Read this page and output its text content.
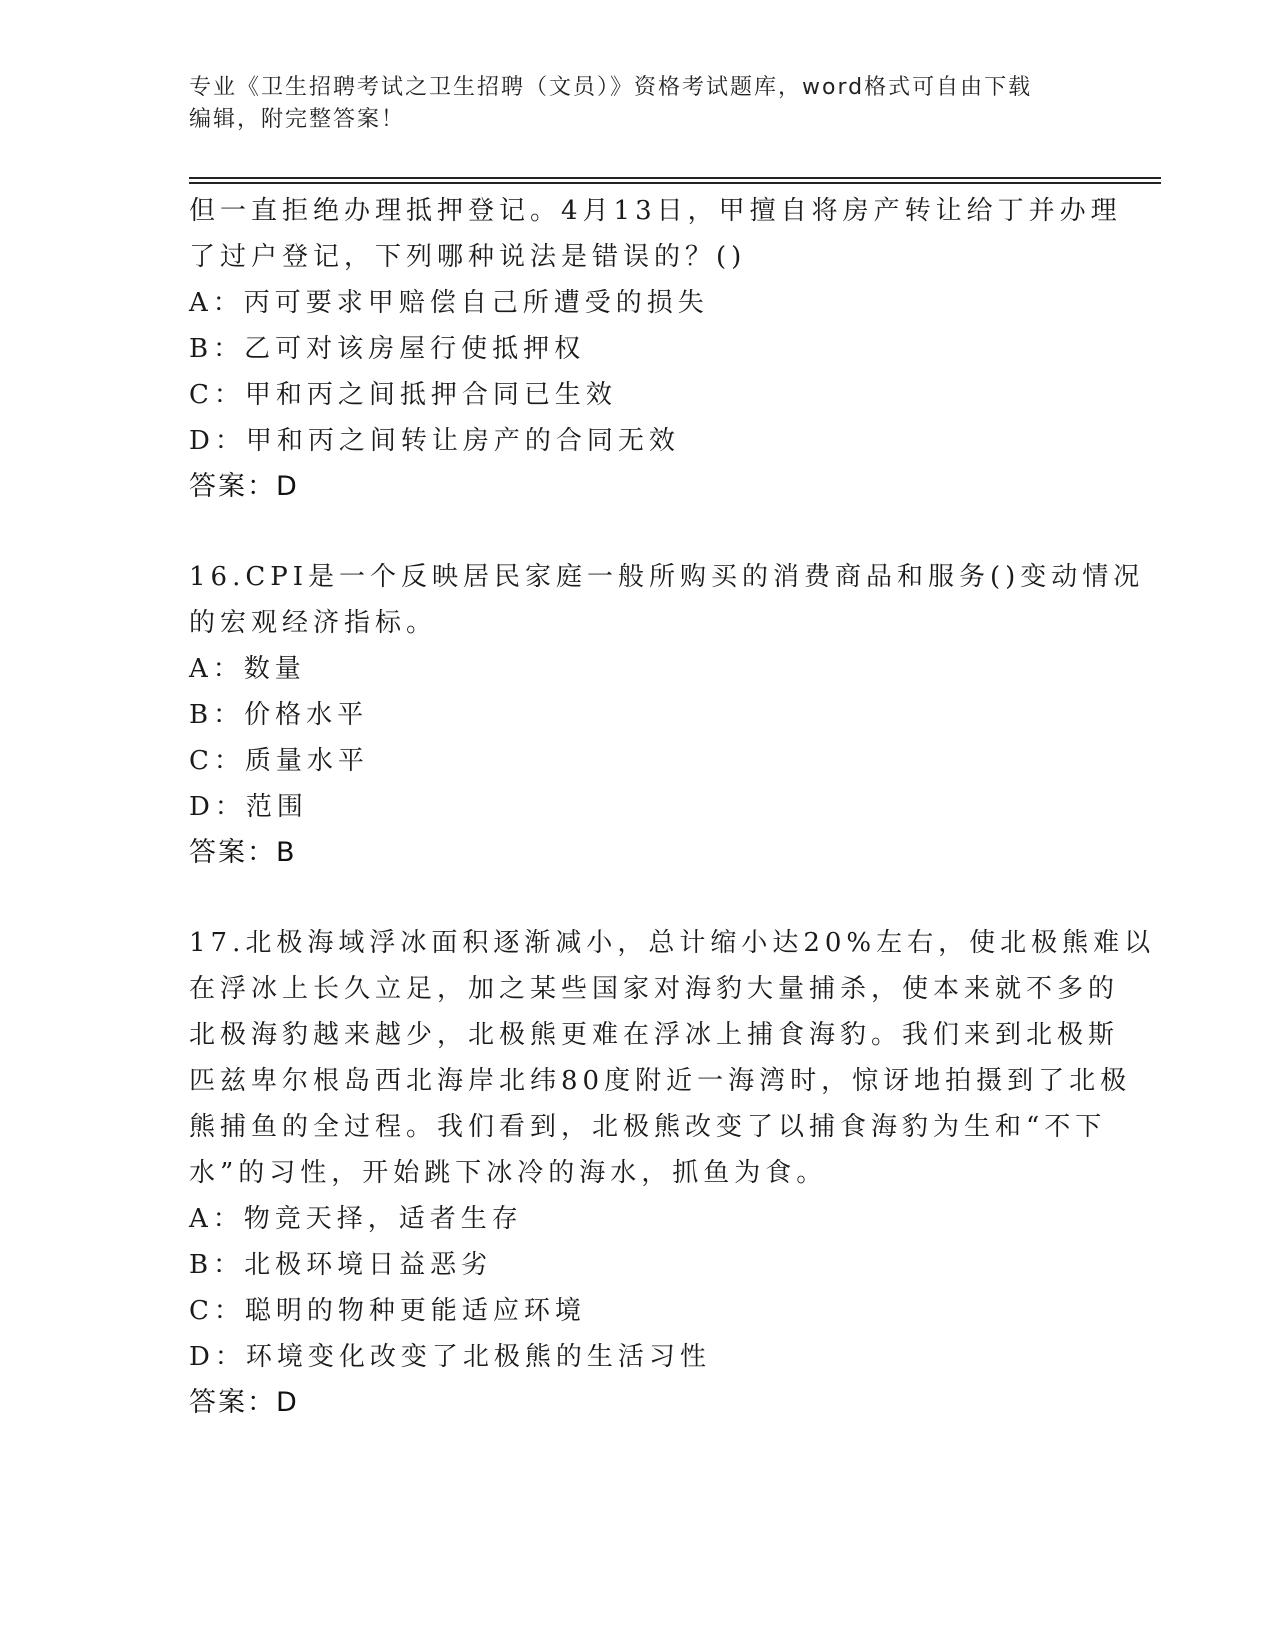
专业《卫生招聘考试之卫生招聘（文员）》资格考试题库，word格式可自由下载
编辑，附完整答案！
但一直拒绝办理抵押登记。4月13日，甲擅自将房产转让给丁并办理
了过户登记，下列哪种说法是错误的？()
A：丙可要求甲赔偿自己所遭受的损失
B：乙可对该房屋行使抵押权
C：甲和丙之间抵押合同已生效
D：甲和丙之间转让房产的合同无效
答案：D
16.CPI是一个反映居民家庭一般所购买的消费商品和服务()变动情况
的宏观经济指标。
A：数量
B：价格水平
C：质量水平
D：范围
答案：B
17.北极海域浮冰面积逐渐减小，总计缩小达20%左右，使北极熊难以
在浮冰上长久立足，加之某些国家对海豹大量捕杀，使本来就不多的
北极海豹越来越少，北极熊更难在浮冰上捕食海豹。我们来到北极斯
匹兹卑尔根岛西北海岸北纬80度附近一海湾时，惊讶地拍摄到了北极
熊捕鱼的全过程。我们看到，北极熊改变了以捕食海豹为生和“不下
水”的习性，开始跳下冰冷的海水，抓鱼为食。
A：物竞天择，适者生存
B：北极环境日益恶劣
C：聪明的物种更能适应环境
D：环境变化改变了北极熊的生活习性
答案：D
